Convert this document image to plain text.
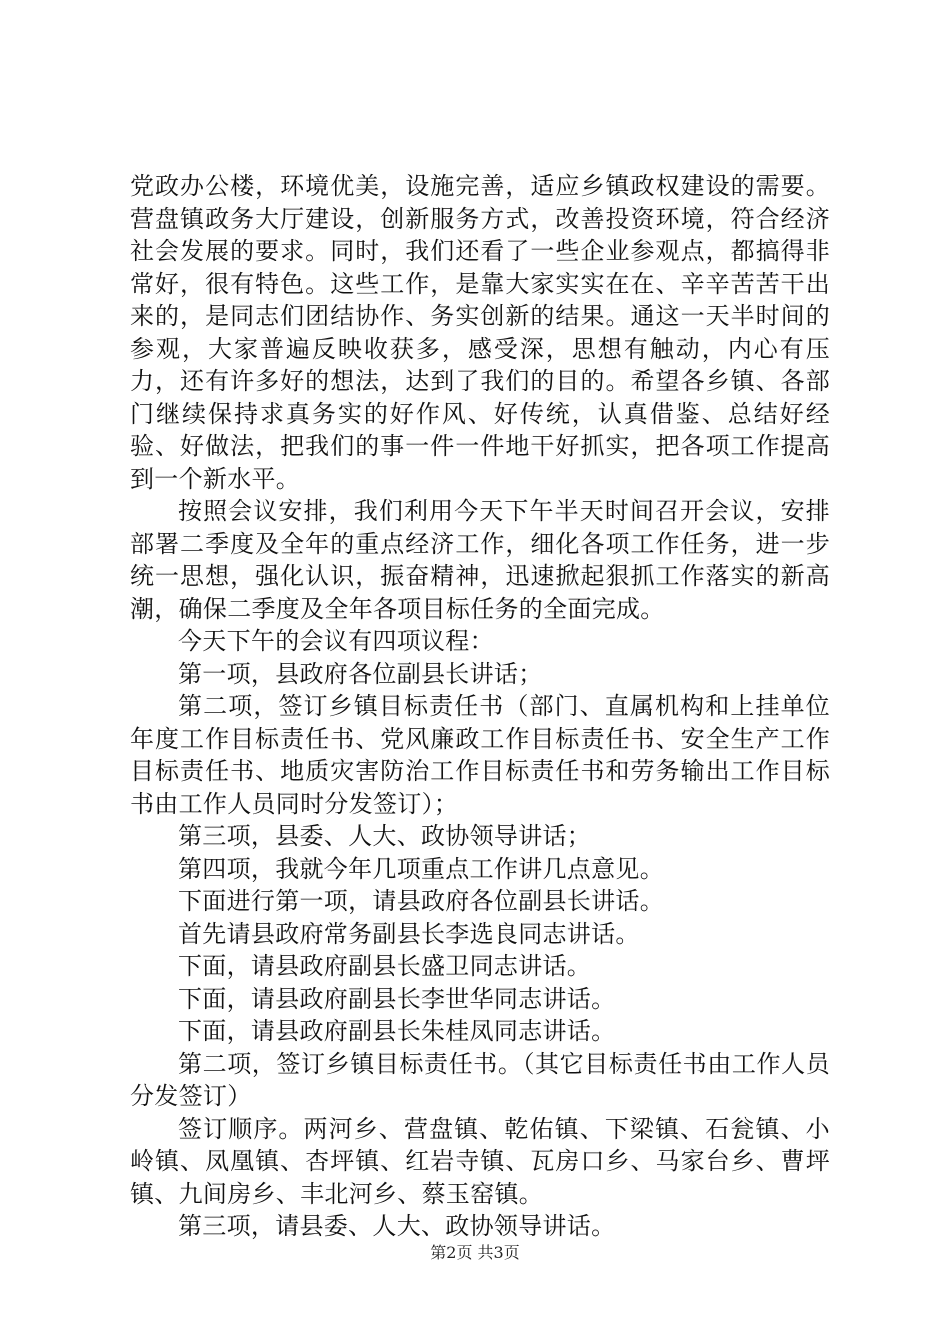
党政办公楼，环境优美，设施完善，适应乡镇政权建设的需要。营盘镇政务大厅建设，创新服务方式，改善投资环境，符合经济社会发展的要求。同时，我们还看了一些企业参观点，都搞得非常好，很有特色。这些工作，是靠大家实实在在、辛辛苦苦干出来的，是同志们团结协作、务实创新的结果。通这一天半时间的参观，大家普遍反映收获多，感受深，思想有触动，内心有压力，还有许多好的想法，达到了我们的目的。希望各乡镇、各部门继续保持求真务实的好作风、好传统，认真借鉴、总结好经验、好做法，把我们的事一件一件地干好抓实，把各项工作提高到一个新水平。

按照会议安排，我们利用今天下午半天时间召开会议，安排部署二季度及全年的重点经济工作，细化各项工作任务，进一步统一思想，强化认识，振奋精神，迅速掀起狠抓工作落实的新高潮，确保二季度及全年各项目标任务的全面完成。

今天下午的会议有四项议程：

第一项，县政府各位副县长讲话；

第二项，签订乡镇目标责任书（部门、直属机构和上挂单位年度工作目标责任书、党风廉政工作目标责任书、安全生产工作目标责任书、地质灾害防治工作目标责任书和劳务输出工作目标书由工作人员同时分发签订）；

第三项，县委、人大、政协领导讲话；

第四项，我就今年几项重点工作讲几点意见。

下面进行第一项，请县政府各位副县长讲话。

首先请县政府常务副县长李选良同志讲话。

下面，请县政府副县长盛卫同志讲话。

下面，请县政府副县长李世华同志讲话。

下面，请县政府副县长朱桂凤同志讲话。

第二项，签订乡镇目标责任书。（其它目标责任书由工作人员分发签订）

签订顺序。两河乡、营盘镇、乾佑镇、下梁镇、石瓮镇、小岭镇、凤凰镇、杏坪镇、红岩寺镇、瓦房口乡、马家台乡、曹坪镇、九间房乡、丰北河乡、蔡玉窑镇。

第三项，请县委、人大、政协领导讲话。

第2页 共3页
